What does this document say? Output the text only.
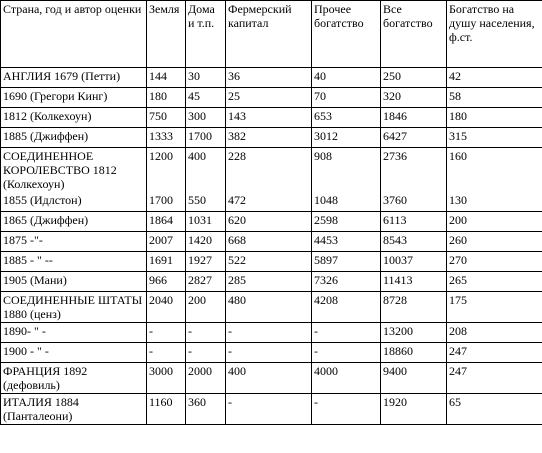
Страна, год и автор оценки	Земля	Дома и т.п.	Фермерский капитал	Прочее богатство	Все богатство	Богатство на душу населения, ф.ст.
АНГЛИЯ 1679 (Петти)	144	30	36	40	250	42
1690 (Грегори Кинг)	180	45	25	70	320	58
1812 (Колкехоун)	750	300	143	653	1846	180
1885 (Джиффен)	1333	1700	382	3012	6427	315
СОЕДИНЕННОЕ КОРОЛЕВСТВО 1812 (Колкехоун)	1200	400	228	908	2736	160
1855 (Идлстон)	1700	550	472	1048	3760	130
1865 (Джиффен)	1864	1031	620	2598	6113	200
1875 -"-	2007	1420	668	4453	8543	260
1885 - " --	1691	1927	522	5897	10037	270
1905 (Мани)	966	2827	285	7326	11413	265
СОЕДИНЕННЫЕ ШТАТЫ 1880 (ценз)	2040	200	480	4208	8728	175
1890- " -	-	-	-	-	13200	208
1900 - " -	-	-	-	-	18860	247
ФРАНЦИЯ 1892 (дефовиль)	3000	2000	400	4000	9400	247
ИТАЛИЯ 1884 (Панталеони)	1160	360	-	-	1920	65
